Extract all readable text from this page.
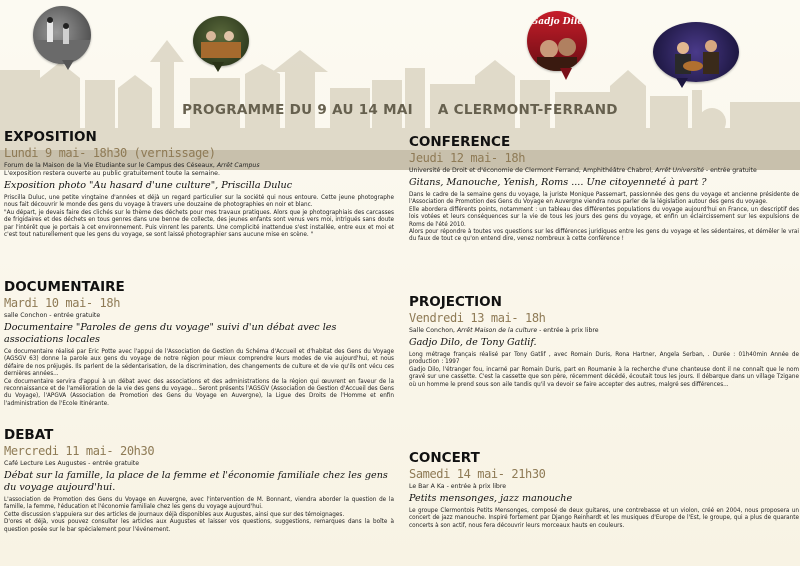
Gadjo Dilo
PROGRAMME DU 9 AU 14 MAI     A CLERMONT-FERRAND
EXPOSITION
Lundi 9 mai- 18h30 (vernissage)
Forum de la Maison de la Vie Etudiante sur le Campus des Céseaux, Arrêt Campus
L'exposition restera ouverte au public gratuitement toute la semaine.
Exposition photo "Au hasard d'une culture", Priscilla Duluc

Priscilla Duluc, une petite vingtaine d'années et déjà un regard particulier sur la société qui nous entoure. Cette jeune photographe nous fait découvrir le monde des gens du voyage à travers une douzaine de photographies en noir et blanc.
"Au départ, je devais faire des clichés sur le thème des déchets pour mes travaux pratiques. Alors que je photographiais des carcasses de frigidaires et des déchets en tous genres dans une benne de collecte, des jeunes enfants sont venus vers moi, intrigués sans doute par l'intérêt que je portais à cet environnement. Puis vinrent les parents. Une complicité inattendue s'est installée, entre eux et moi et c'est tout naturellement que les gens du voyage, se sont laissé photographier sans aucune mise en scène. "

DOCUMENTAIRE
Mardi 10 mai- 18h
salle Conchon - entrée gratuite
Documentaire "Paroles de gens du voyage" suivi d'un débat avec les associations locales

Ce documentaire réalisé par Eric Potte avec l'appui de l'Association de Gestion du Schéma d'Accueil et d'habitat des Gens du Voyage (AGSGV 63) donne la parole aux gens du voyage de notre région pour mieux comprendre leurs modes de vie aujourd'hui, et nous défaire de nos préjugés. Ils parlent de la sédentarisation, de la discrimination, des changements de culture et de vie qu'ils ont vécu ces dernières années...
Ce documentaire servira d'appui à un débat avec des associations et des administrations de la région qui œuvrent en faveur de la reconnaissance et de l'amélioration de la vie des gens du voyage... Seront présents l'AGSGV (Association de Gestion d'Accueil des Gens du Voyage), l'APGVA (Association de Promotion des Gens du Voyage en Auvergne), la Ligue des Droits de l'Homme et enfin l'administration de l'Ecole Itinérante.

DEBAT
Mercredi 11 mai- 20h30
Café Lecture Les Augustes - entrée gratuite
Débat sur la famille, la place de la femme et l'économie familiale chez les gens du voyage aujourd'hui.

L'association de Promotion des Gens du Voyage en Auvergne, avec l'intervention de M. Bonnant, viendra aborder la question de la famille, la femme, l'éducation et l'économie familiale chez les gens du voyage aujourd'hui.
Cette discussion s'appuiera sur des articles de journaux déjà disponibles aux Augustes, ainsi que sur des témoignages.
D'ores et déjà, vous pouvez consulter les articles aux Augustes et laisser vos questions, suggestions, remarques dans la boîte à question posée sur le bar spécialement pour l'événement.

CONFERENCE
Jeudi 12 mai- 18h
Université de Droit et d'économie de Clermont Ferrand, Amphithéâtre Chabrol, Arrêt Université - entrée gratuite
Gitans, Manouche, Yenish, Roms .... Une citoyenneté à part ?

Dans le cadre de la semaine gens du voyage, la juriste Monique Passemart, passionnée des gens du voyage et ancienne présidente de l'Association de Promotion des Gens du Voyage en Auvergne viendra nous parler de la législation autour des gens du voyage.
Elle abordera différents points, notamment : un tableau des différentes populations du voyage aujourd'hui en France, un descriptif des lois votées et leurs conséquences sur la vie de tous les jours des gens du voyage, et enfin un éclaircissement sur les expulsions de Roms de l'été 2010.
Alors pour répondre à toutes vos questions sur les différences juridiques entre les gens du voyage et les sédentaires, et démêler le vrai du faux de tout ce qu'on entend dire, venez nombreux à cette conférence !

PROJECTION
Vendredi 13 mai- 18h
Salle Conchon, Arrêt Maison de la culture - entrée à prix libre
Gadjo Dilo, de Tony Gatlif.

Long métrage français réalisé par Tony Gatlif , avec Romain Duris, Rona Hartner, Angela Serban, . Durée : 01h40min Année de production : 1997
Gadjo Dilo, l'étranger fou, incarné par Romain Duris, part en Roumanie à la recherche d'une chanteuse dont il ne connaît que le nom gravé sur une cassette. C'est la cassette que son père, récemment décédé, écoutait tous les jours. Il débarque dans un village Tzigane où un homme le prend sous son aile tandis qu'il va devoir se faire accepter des autres, malgré ses différences...

CONCERT
Samedi 14 mai- 21h30
Le Bar A Ka - entrée à prix libre
Petits mensonges, jazz manouche

Le groupe Clermontois Petits Mensonges, composé de deux guitares, une contrebasse et un violon, créé en 2004, nous proposera un concert de jazz manouche. Inspiré fortement par Django Reinhardt et les musiques d'Europe de l'Est, le groupe, qui a plus de quarante concerts à son actif, nous fera découvrir leurs morceaux hauts en couleurs.
